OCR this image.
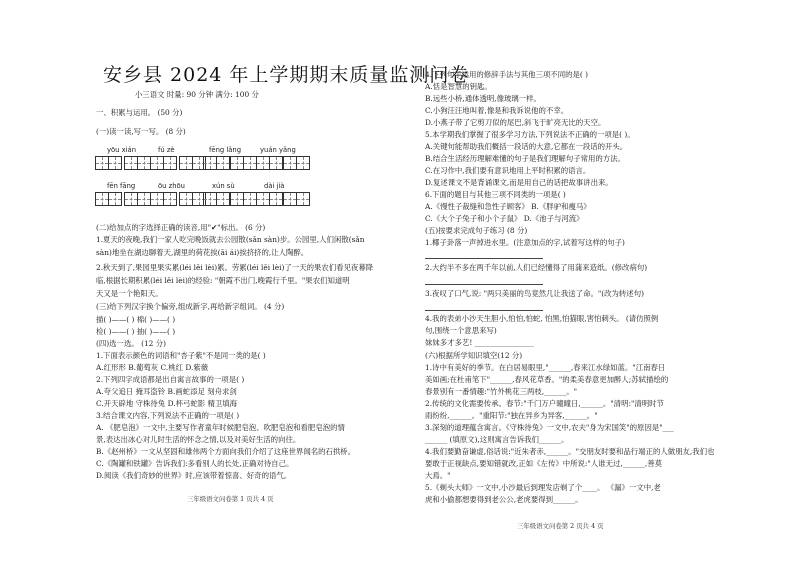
安乡县 2024 年上学期期末质量监测问卷
小三语文 时量: 90 分钟 满分: 100 分
一、积累与运用。 (50 分)
(一)读一读,写一写。 (8 分)
yōu xián	fú zè	fēng lǎng	yuán yǎng
fēn fāng	ōu zhōu	xún sù	dài jià
(二)给加点的字选择正确的读音,用"✔"标出。 (6 分)
1.夏天的夜晚,我们一家人吃完晚饭就去公园散(sǎn sàn)步。公园里,人们闲散(sǎn
sàn)地坐在湖边聊着天,湖里的荷花挨(āi ái)挨挤挤的,让人陶醉。
2.秋天到了,果园里果实累(léi lěi lèi)累。劳累(léi lěi lèi)了一天的果农们看见夜幕降
临,根据长期积累(léi lěi lèi)的经验: "朝霞不出门,晚霞行千里。"果农们知道明
天又是一个艳阳天。
(三)给下列汉字换个偏旁,组成新字,再给新字组词。 (4 分)
描( )——( ) 棉( )——( )
检( )——( ) 抽( )——( )
(四)选一选。 (12 分)
1.下面表示颜色的词语和"杏子紫"不是同一类的是( )
A.红形形 B.葡萄灰 C.桃红 D.紫薇
2.下列四字成语都是出自寓言故事的一项是( )
A.夸父追日 掩耳盗铃 B.画蛇添足 刻舟求剑
C.开天辟地 守株待兔 D.杯弓蛇影 精卫填海
3.结合课文内容,下列说法不正确的一项是( )
A. 《肥皂泡》一文中,主要写作者童年时候肥皂泡、吹肥皂泡和看肥皂泡的情
景,表达出冰心对儿时生活的怀念之情,以及对美好生活的向往。
B.《赵州桥》一文从坚固和雄伟两个方面向我们介绍了这座世界闻名的石拱桥。
C.《陶罐和铁罐》告诉我们:多看别人的长处,正确对待自己。
D.阅读《我们奇妙的世界》时,应该带着惊喜、好奇的语气。
三年级语文问卷第 1 页共 4 页
4.下列句子运用的修辞手法与其他三项不同的是( )
A.恬是智慧的钥匙。
B.远些小桥,通体透明,像玻璃一样。
C.小狗汪汪地叫着,像是和我诉说他的不幸。
D.小燕子带了它剪刀似的尾巴,斜飞于旷亮无比的天空。
5.本学期我们掌握了很多学习方法,下列说法不正确的一项是( )。
A.关键句能帮助我们概括一段话的大意,它都在一段话的开头。
B.结合生活经历理解难懂的句子是我们理解句子常用的方法。
C.在习作中,我们要有意识地用上平时积累的语言。
D.复述课文不是背诵课文,而是用自己的话把故事讲出来。
6.下面的题目与其他三项不同类的一项是( )
A.《慢性子裁缝和急性子顾客》 B.《胖驴和瘦马》
C.《大个子兔子和小个子鼠》 D.《池子与河流》
(五)按要求完成句子练习 (8 分)
1.椰子卦落一声掉进水里。(注意加点的字,试着写这样的句子)
2.大约半不多在两千年以前,人们已经懂得了用蒲来造纸。(修改病句)
3.夜叹了口气,说: "两只美丽的鸟竟然几让我送了命。"(改为转述句)
4.我的表弟小沙天生胆小,怕怕,怕蛇, 怕黑,怕猫眼,害怕刺头。 (请仿照例
句,围绕一个意思来写)
妹妹多才多艺! ________________
(六)根据所学知识填空(12 分)
1.诗中有美好的季节。在白居易眼里,"______,春来江水绿如蓝。"江南春日
美如画;在杜甫笔下"______,春风花草香。"的柔美春意更加醉人;苏轼描绘的
春景别有一番情趣:"竹外桃花三两枝,______。"
2.传统的文化需要传承。春节:"千门万户曈曈日,______。"清明:"清明时节
雨纷纷,______。"重阳节:"独在异乡为异客,______。"
3.深刻的道理蕴含寓言。《守株待兔》一文中,农夫"身为宋国笑"的原因是"___
______ (填原文),这则寓言告诉我们______。
4.我们要勤奋谦虚,俗话说:"近朱者赤,______。"交朋友时要和品行端正的人做朋友,我们也
要敢于正视缺点,要知错就改,正如《左传》中所说:"人谁无过,______,善莫
大焉。"
5.《剃头大师》一文中,小沙最后到理发店剃了个____。 《漏》一文中,老
虎和小偷都想要得到老公公,老虎要得到______。
三年级语文问卷第 2 页共 4 页
